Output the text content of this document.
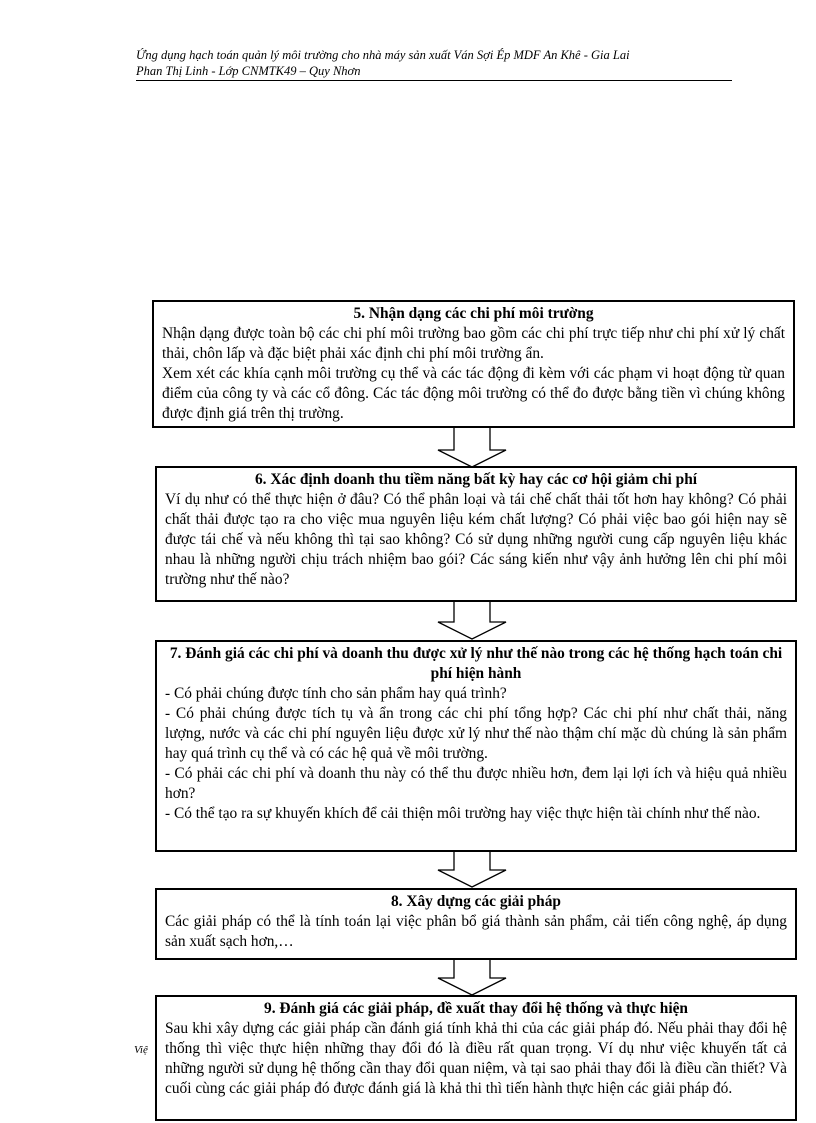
Ứng dụng hạch toán quản lý môi trường cho nhà máy sản xuất Ván Sợi Ép MDF An Khê - Gia Lai
Phan Thị Linh - Lớp CNMTK49 – Quy Nhơn
5. Nhận dạng các chi phí môi trường

Nhận dạng được toàn bộ các chi phí môi trường bao gồm các chi phí trực tiếp như chi phí xử lý chất thải, chôn lấp và đặc biệt phải xác định chi phí môi trường ẩn.

Xem xét các khía cạnh môi trường cụ thể và các tác động đi kèm với các phạm vi hoạt động từ quan điểm của công ty và các cổ đông. Các tác động môi trường có thể đo được bằng tiền vì chúng không được định giá trên thị trường.

6. Xác định doanh thu tiềm năng bất kỳ hay các cơ hội giảm chi phí

Ví dụ như có thể thực hiện ở đâu? Có thể phân loại và tái chế chất thải tốt hơn hay không? Có phải chất thải được tạo ra cho việc mua nguyên liệu kém chất lượng? Có phải việc bao gói hiện nay sẽ được tái chế và nếu không thì tại sao không? Có sử dụng những người cung cấp nguyên liệu khác nhau là những người chịu trách nhiệm bao gói? Các sáng kiến như vậy ảnh hưởng lên chi phí môi trường như thế nào?

7. Đánh giá các chi phí và doanh thu được xử lý như thế nào trong các hệ thống hạch toán chi phí hiện hành

- Có phải chúng được tính cho sản phẩm hay quá trình?

- Có phải chúng được tích tụ và ẩn trong các chi phí tổng hợp? Các chi phí như chất thải, năng lượng, nước và các chi phí nguyên liệu được xử lý như thế nào thậm chí mặc dù chúng là sản phẩm hay quá trình cụ thể và có các hệ quả về môi trường.

- Có phải các chi phí và doanh thu này có thể thu được nhiều hơn, đem lại lợi ích và hiệu quả nhiều hơn?

- Có thể tạo ra sự khuyến khích để cải thiện môi trường hay việc thực hiện tài chính như thế nào.

8. Xây dựng các giải pháp

Các giải pháp có thể là tính toán lại việc phân bổ giá thành sản phẩm, cải tiến công nghệ, áp dụng sản xuất sạch hơn,…

Việ
9. Đánh giá các giải pháp, đề xuất thay đổi hệ thống và thực hiện

Sau khi xây dựng các giải pháp cần đánh giá tính khả thi của các giải pháp đó. Nếu phải thay đổi hệ thống thì việc thực hiện những thay đổi đó là điều rất quan trọng. Ví dụ như việc khuyến tất cả những người sử dụng hệ thống cần thay đổi quan niệm, và tại sao phải thay đổi là điều cần thiết? Và cuối cùng các giải pháp đó được đánh giá là khả thi thì tiến hành thực hiện các giải pháp đó.
